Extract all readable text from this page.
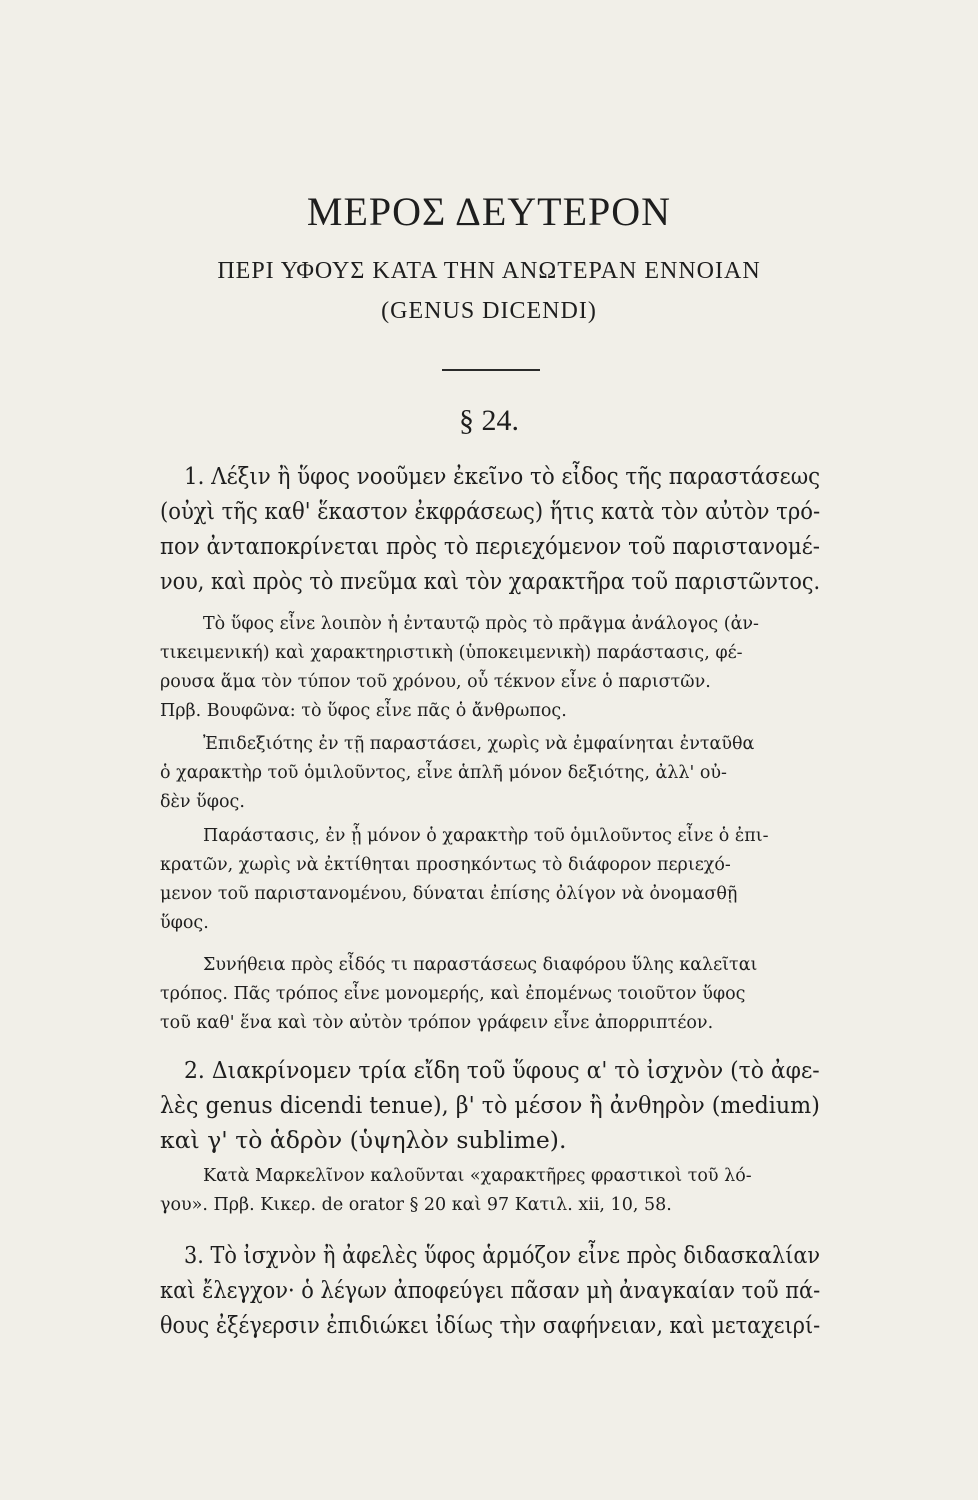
ΜΕΡΟΣ ΔΕΥΤΕΡΟΝ
ΠΕΡΙ ΥΦΟΥΣ ΚΑΤΑ ΤΗΝ ΑΝΩΤΕΡΑΝ ΕΝΝΟΙΑΝ
(GENUS DICENDI)
§ 24.
1. Λέξιν ἢ ὕφος νοοῦμεν ἐκεῖνο τὸ εἶδος τῆς παραστάσεως
(οὐχὶ τῆς καθ' ἕκαστον ἐκφράσεως) ἥτις κατὰ τὸν αὐτὸν τρό-
πον ἀνταποκρίνεται πρὸς τὸ περιεχόμενον τοῦ παριστανομέ-
νου, καὶ πρὸς τὸ πνεῦμα καὶ τὸν χαρακτῆρα τοῦ παριστῶντος.
Τὸ ὕφος εἶνε λοιπὸν ἡ ἐνταυτῷ πρὸς τὸ πρᾶγμα ἀνάλογος (ἀν-
τικειμενική) καὶ χαρακτηριστικὴ (ὑποκειμενικὴ) παράστασις, φέ-
ρουσα ἅμα τὸν τύπον τοῦ χρόνου, οὗ τέκνον εἶνε ὁ παριστῶν.
Πρβ. Βουφῶνα: τὸ ὕφος εἶνε πᾶς ὁ ἄνθρωπος.
Ἐπιδεξιότης ἐν τῇ παραστάσει, χωρὶς νὰ ἐμφαίνηται ἐνταῦθα
ὁ χαρακτὴρ τοῦ ὁμιλοῦντος, εἶνε ἁπλῆ μόνον δεξιότης, ἀλλ' οὐ-
δὲν ὕφος.
Παράστασις, ἐν ᾗ μόνον ὁ χαρακτὴρ τοῦ ὁμιλοῦντος εἶνε ὁ ἐπι-
κρατῶν, χωρὶς νὰ ἐκτίθηται προσηκόντως τὸ διάφορον περιεχό-
μενον τοῦ παριστανομένου, δύναται ἐπίσης ὀλίγον νὰ ὀνομασθῇ
ὕφος.
Συνήθεια πρὸς εἶδός τι παραστάσεως διαφόρου ὕλης καλεῖται
τρόπος. Πᾶς τρόπος εἶνε μονομερής, καὶ ἐπομένως τοιοῦτον ὕφος
τοῦ καθ' ἕνα καὶ τὸν αὐτὸν τρόπον γράφειν εἶνε ἀπορριπτέον.
2. Διακρίνομεν τρία εἴδη τοῦ ὕφους α' τὸ ἰσχνὸν (τὸ ἀφε-
λὲς genus dicendi tenue), β' τὸ μέσον ἢ ἀνθηρὸν (medium)
καὶ γ' τὸ ἁδρὸν (ὑψηλὸν sublime).
Κατὰ Μαρκελῖνον καλοῦνται «χαρακτῆρες φραστικοὶ τοῦ λό-
γου». Πρβ. Κικερ. de orator § 20 καὶ 97 Κατιλ. xii, 10, 58.
3. Τὸ ἰσχνὸν ἢ ἀφελὲς ὕφος ἁρμόζον εἶνε πρὸς διδασκαλίαν
καὶ ἔλεγχον· ὁ λέγων ἀποφεύγει πᾶσαν μὴ ἀναγκαίαν τοῦ πά-
θους ἐξέγερσιν ἐπιδιώκει ἰδίως τὴν σαφήνειαν, καὶ μεταχειρί-
